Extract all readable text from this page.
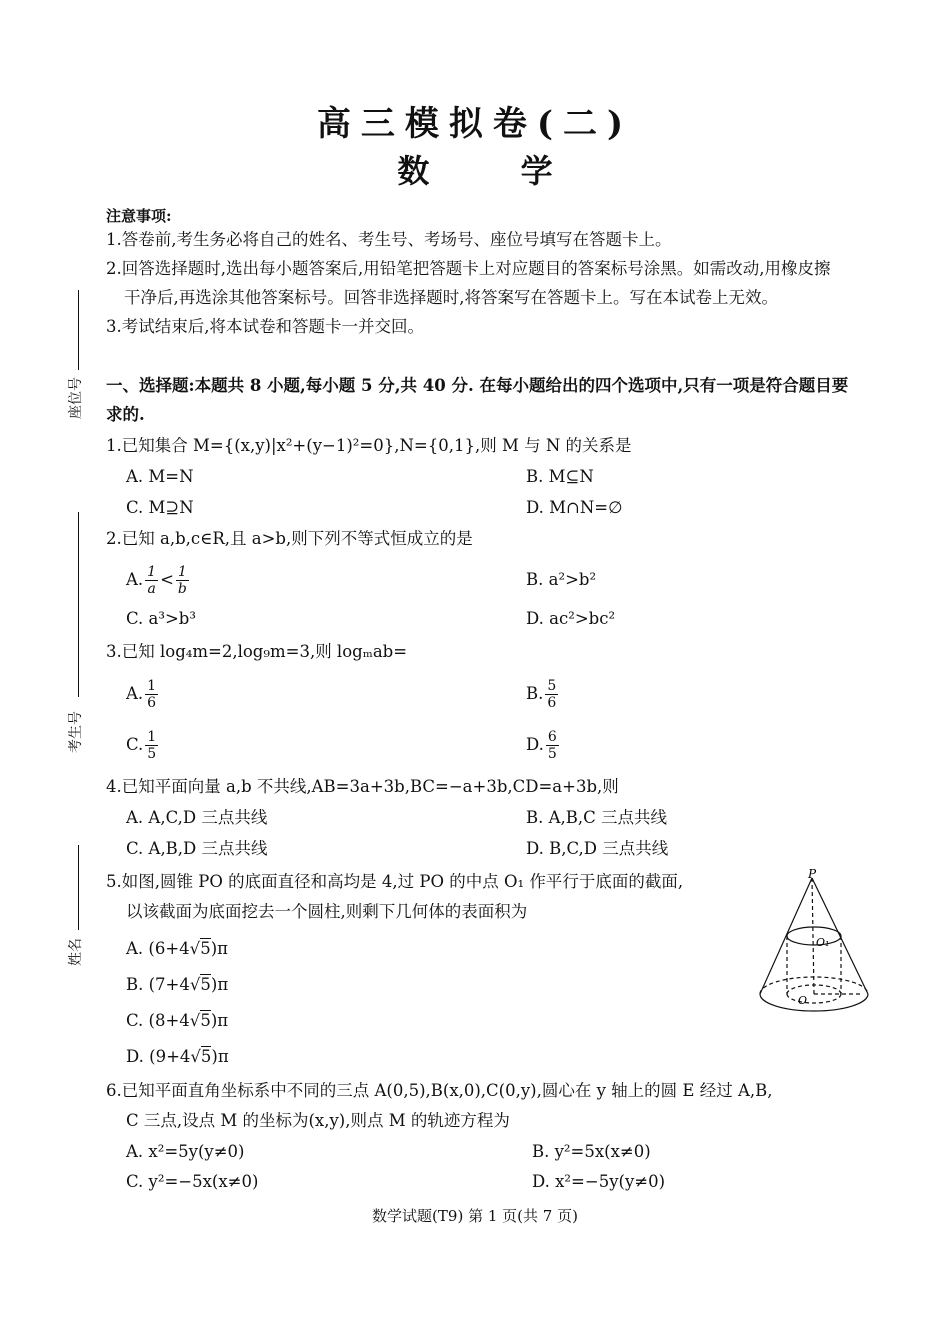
高三模拟卷(二)
数 学
注意事项:
1.答卷前,考生务必将自己的姓名、考生号、考场号、座位号填写在答题卡上。
2.回答选择题时,选出每小题答案后,用铅笔把答题卡上对应题目的答案标号涂黑。如需改动,用橡皮擦
干净后,再选涂其他答案标号。回答非选择题时,将答案写在答题卡上。写在本试卷上无效。
3.考试结束后,将本试卷和答题卡一并交回。
座位号
考生号
姓名
一、选择题:本题共 8 小题,每小题 5 分,共 40 分. 在每小题给出的四个选项中,只有一项是符合题目要
求的.
1.已知集合 M={(x,y)|x²+(y−1)²=0},N={0,1},则 M 与 N 的关系是
A. M=N	B. M⊆N
C. M⊇N	D. M∩N=∅
2.已知 a,b,c∈R,且 a>b,则下列不等式恒成立的是
A. $\frac{1}{a} < \frac{1}{b}$	B. a²>b²
C. a³>b³	D. ac²>bc²
3.已知 log₄m=2,log₉m=3,则 logₘab=
A. $\frac{1}{6}$	B. $\frac{5}{6}$
C. $\frac{1}{5}$	D. $\frac{6}{5}$
4.已知平面向量 a,b 不共线,AB=3a+3b,BC=−a+3b,CD=a+3b,则
A. A,C,D 三点共线	B. A,B,C 三点共线
C. A,B,D 三点共线	D. B,C,D 三点共线
5.如图,圆锥 PO 的底面直径和高均是 4,过 PO 的中点 O₁ 作平行于底面的截面,
以该截面为底面挖去一个圆柱,则剩下几何体的表面积为
A. (6+4√5)π
B. (7+4√5)π
C. (8+4√5)π
D. (9+4√5)π
P
O₁
O
6.已知平面直角坐标系中不同的三点 A(0,5),B(x,0),C(0,y),圆心在 y 轴上的圆 E 经过 A,B,
C 三点,设点 M 的坐标为(x,y),则点 M 的轨迹方程为
A. x²=5y(y≠0)	B. y²=5x(x≠0)
C. y²=−5x(x≠0)	D. x²=−5y(y≠0)
数学试题(T9) 第 1 页(共 7 页)
